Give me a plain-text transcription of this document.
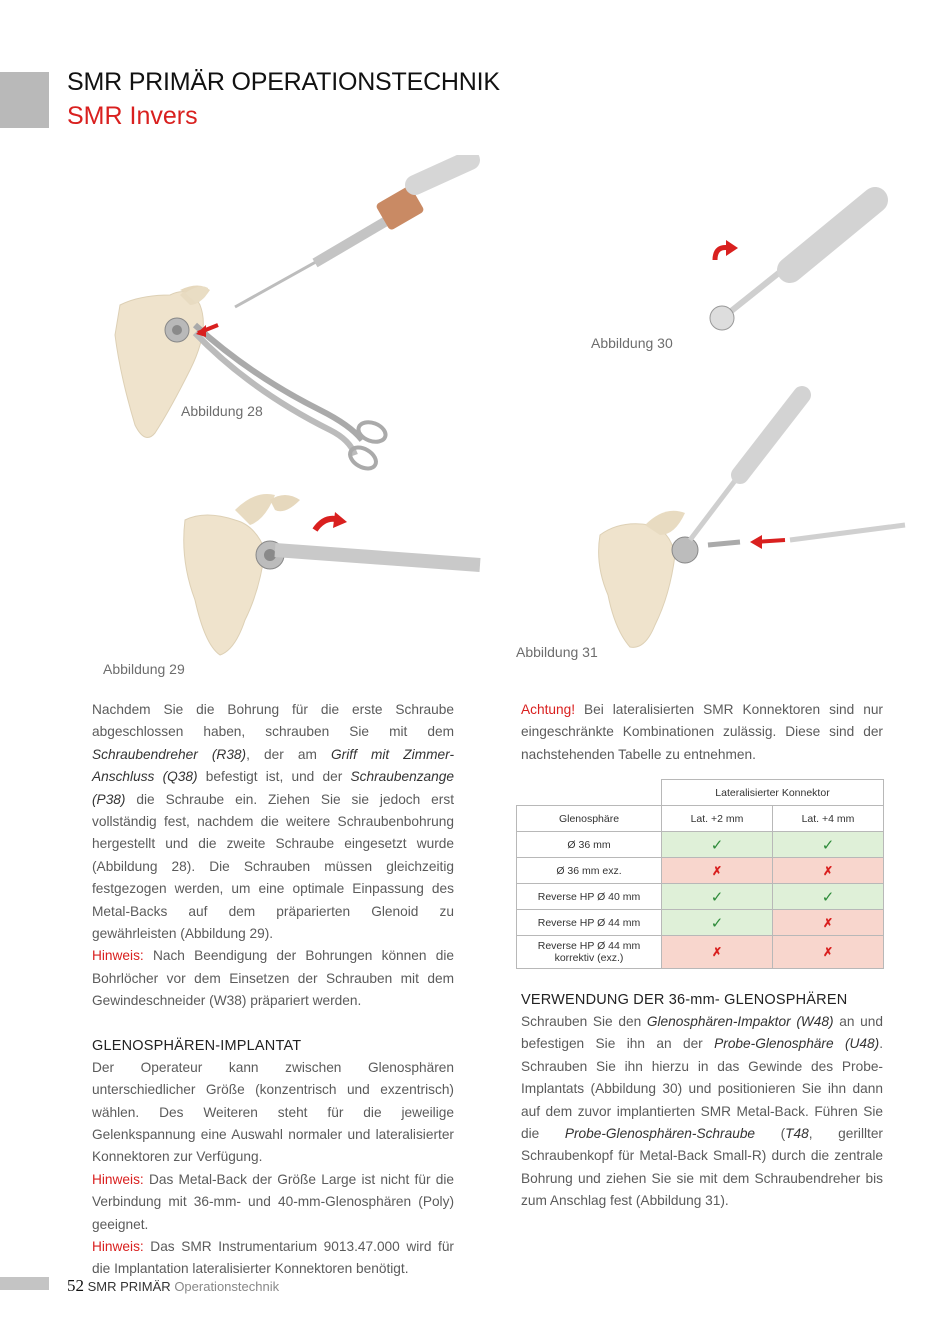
SMR PRIMÄR OPERATIONSTECHNIK
SMR Invers
Abbildung 28
Abbildung 29
Abbildung 30
Abbildung 31

Nachdem Sie die Bohrung für die erste Schraube abgeschlossen haben, schrauben Sie mit dem Schraubendreher (R38), der am Griff mit Zimmer-Anschluss (Q38) befestigt ist, und der Schraubenzange (P38) die Schraube ein. Ziehen Sie sie jedoch erst vollständig fest, nachdem die weitere Schraubenbohrung hergestellt und die zweite Schraube eingesetzt wurde (Abbildung 28). Die Schrauben müssen gleichzeitig festgezogen werden, um eine optimale Einpassung des Metal-Backs auf dem präparierten Glenoid zu gewährleisten (Abbildung 29).

Hinweis: Nach Beendigung der Bohrungen können die Bohrlöcher vor dem Einsetzen der Schrauben mit dem Gewindeschneider (W38) präpariert werden.

GLENOSPHÄREN-IMPLANTAT

Der Operateur kann zwischen Glenosphären unterschiedlicher Größe (konzentrisch und exzentrisch) wählen. Des Weiteren steht für die jeweilige Gelenkspannung eine Auswahl normaler und lateralisierter Konnektoren zur Verfügung.

Hinweis: Das Metal-Back der Größe Large ist nicht für die Verbindung mit 36-mm- und 40-mm-Glenosphären (Poly) geeignet.

Hinweis: Das SMR Instrumentarium 9013.47.000 wird für die Implantation lateralisierter Konnektoren benötigt.

Achtung! Bei lateralisierten SMR Konnektoren sind nur eingeschränkte Kombinationen zulässig. Diese sind der nachstehenden Tabelle zu entnehmen.

	Lateralisierter Konnektor	
Glenosphäre	Lat. +2 mm	Lat. +4 mm
Ø 36 mm	✓	✓
Ø 36 mm exz.	✗	✗
Reverse HP Ø 40 mm	✓	✓
Reverse HP Ø 44 mm	✓	✗
Reverse HP Ø 44 mm korrektiv (exz.)	✗	✗
VERWENDUNG DER 36-mm- GLENOSPHÄREN

Schrauben Sie den Glenosphären-Impaktor (W48) an und befestigen Sie ihn an der Probe-Glenosphäre (U48). Schrauben Sie ihn hierzu in das Gewinde des Probe-Implantats (Abbildung 30) und positionieren Sie ihn dann auf dem zuvor implantierten SMR Metal-Back. Führen Sie die Probe-Glenosphären-Schraube (T48, gerillter Schraubenkopf für Metal-Back Small-R) durch die zentrale Bohrung und ziehen Sie sie mit dem Schraubendreher bis zum Anschlag fest (Abbildung 31).

52 SMR PRIMÄR Operationstechnik
